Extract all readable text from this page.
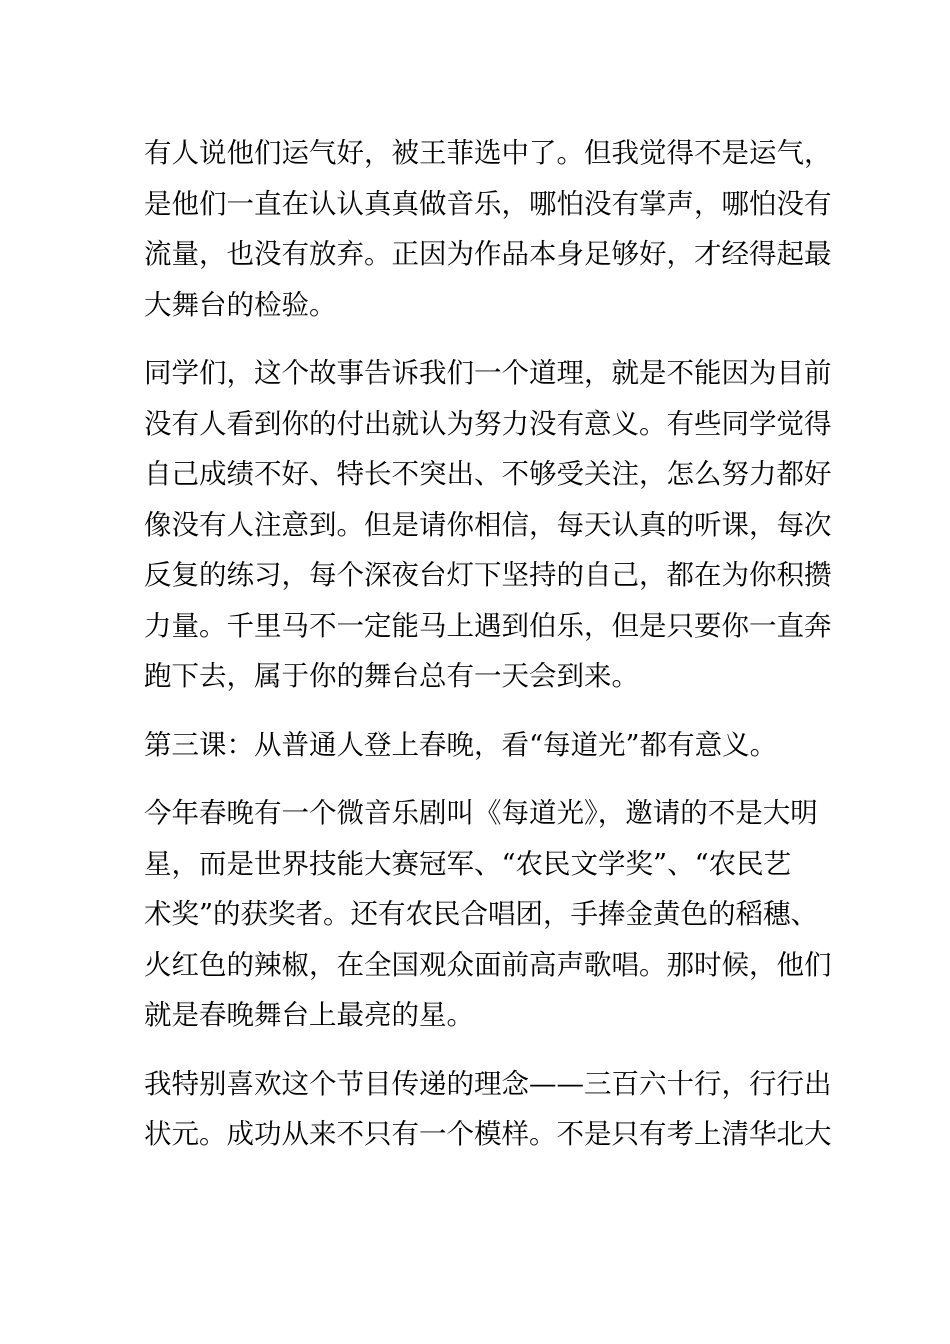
有人说他们运气好，被王菲选中了。但我觉得不是运气，
是他们一直在认认真真做音乐，哪怕没有掌声，哪怕没有
流量，也没有放弃。正因为作品本身足够好，才经得起最
大舞台的检验。
同学们，这个故事告诉我们一个道理，就是不能因为目前
没有人看到你的付出就认为努力没有意义。有些同学觉得
自己成绩不好、特长不突出、不够受关注，怎么努力都好
像没有人注意到。但是请你相信，每天认真的听课，每次
反复的练习，每个深夜台灯下坚持的自己，都在为你积攒
力量。千里马不一定能马上遇到伯乐，但是只要你一直奔
跑下去，属于你的舞台总有一天会到来。
第三课：从普通人登上春晚，看“每道光”都有意义。
今年春晚有一个微音乐剧叫《每道光》，邀请的不是大明
星，而是世界技能大赛冠军、“农民文学奖”、“农民艺
术奖”的获奖者。还有农民合唱团，手捧金黄色的稻穗、
火红色的辣椒，在全国观众面前高声歌唱。那时候，他们
就是春晚舞台上最亮的星。
我特别喜欢这个节目传递的理念——三百六十行，行行出
状元。成功从来不只有一个模样。不是只有考上清华北大
